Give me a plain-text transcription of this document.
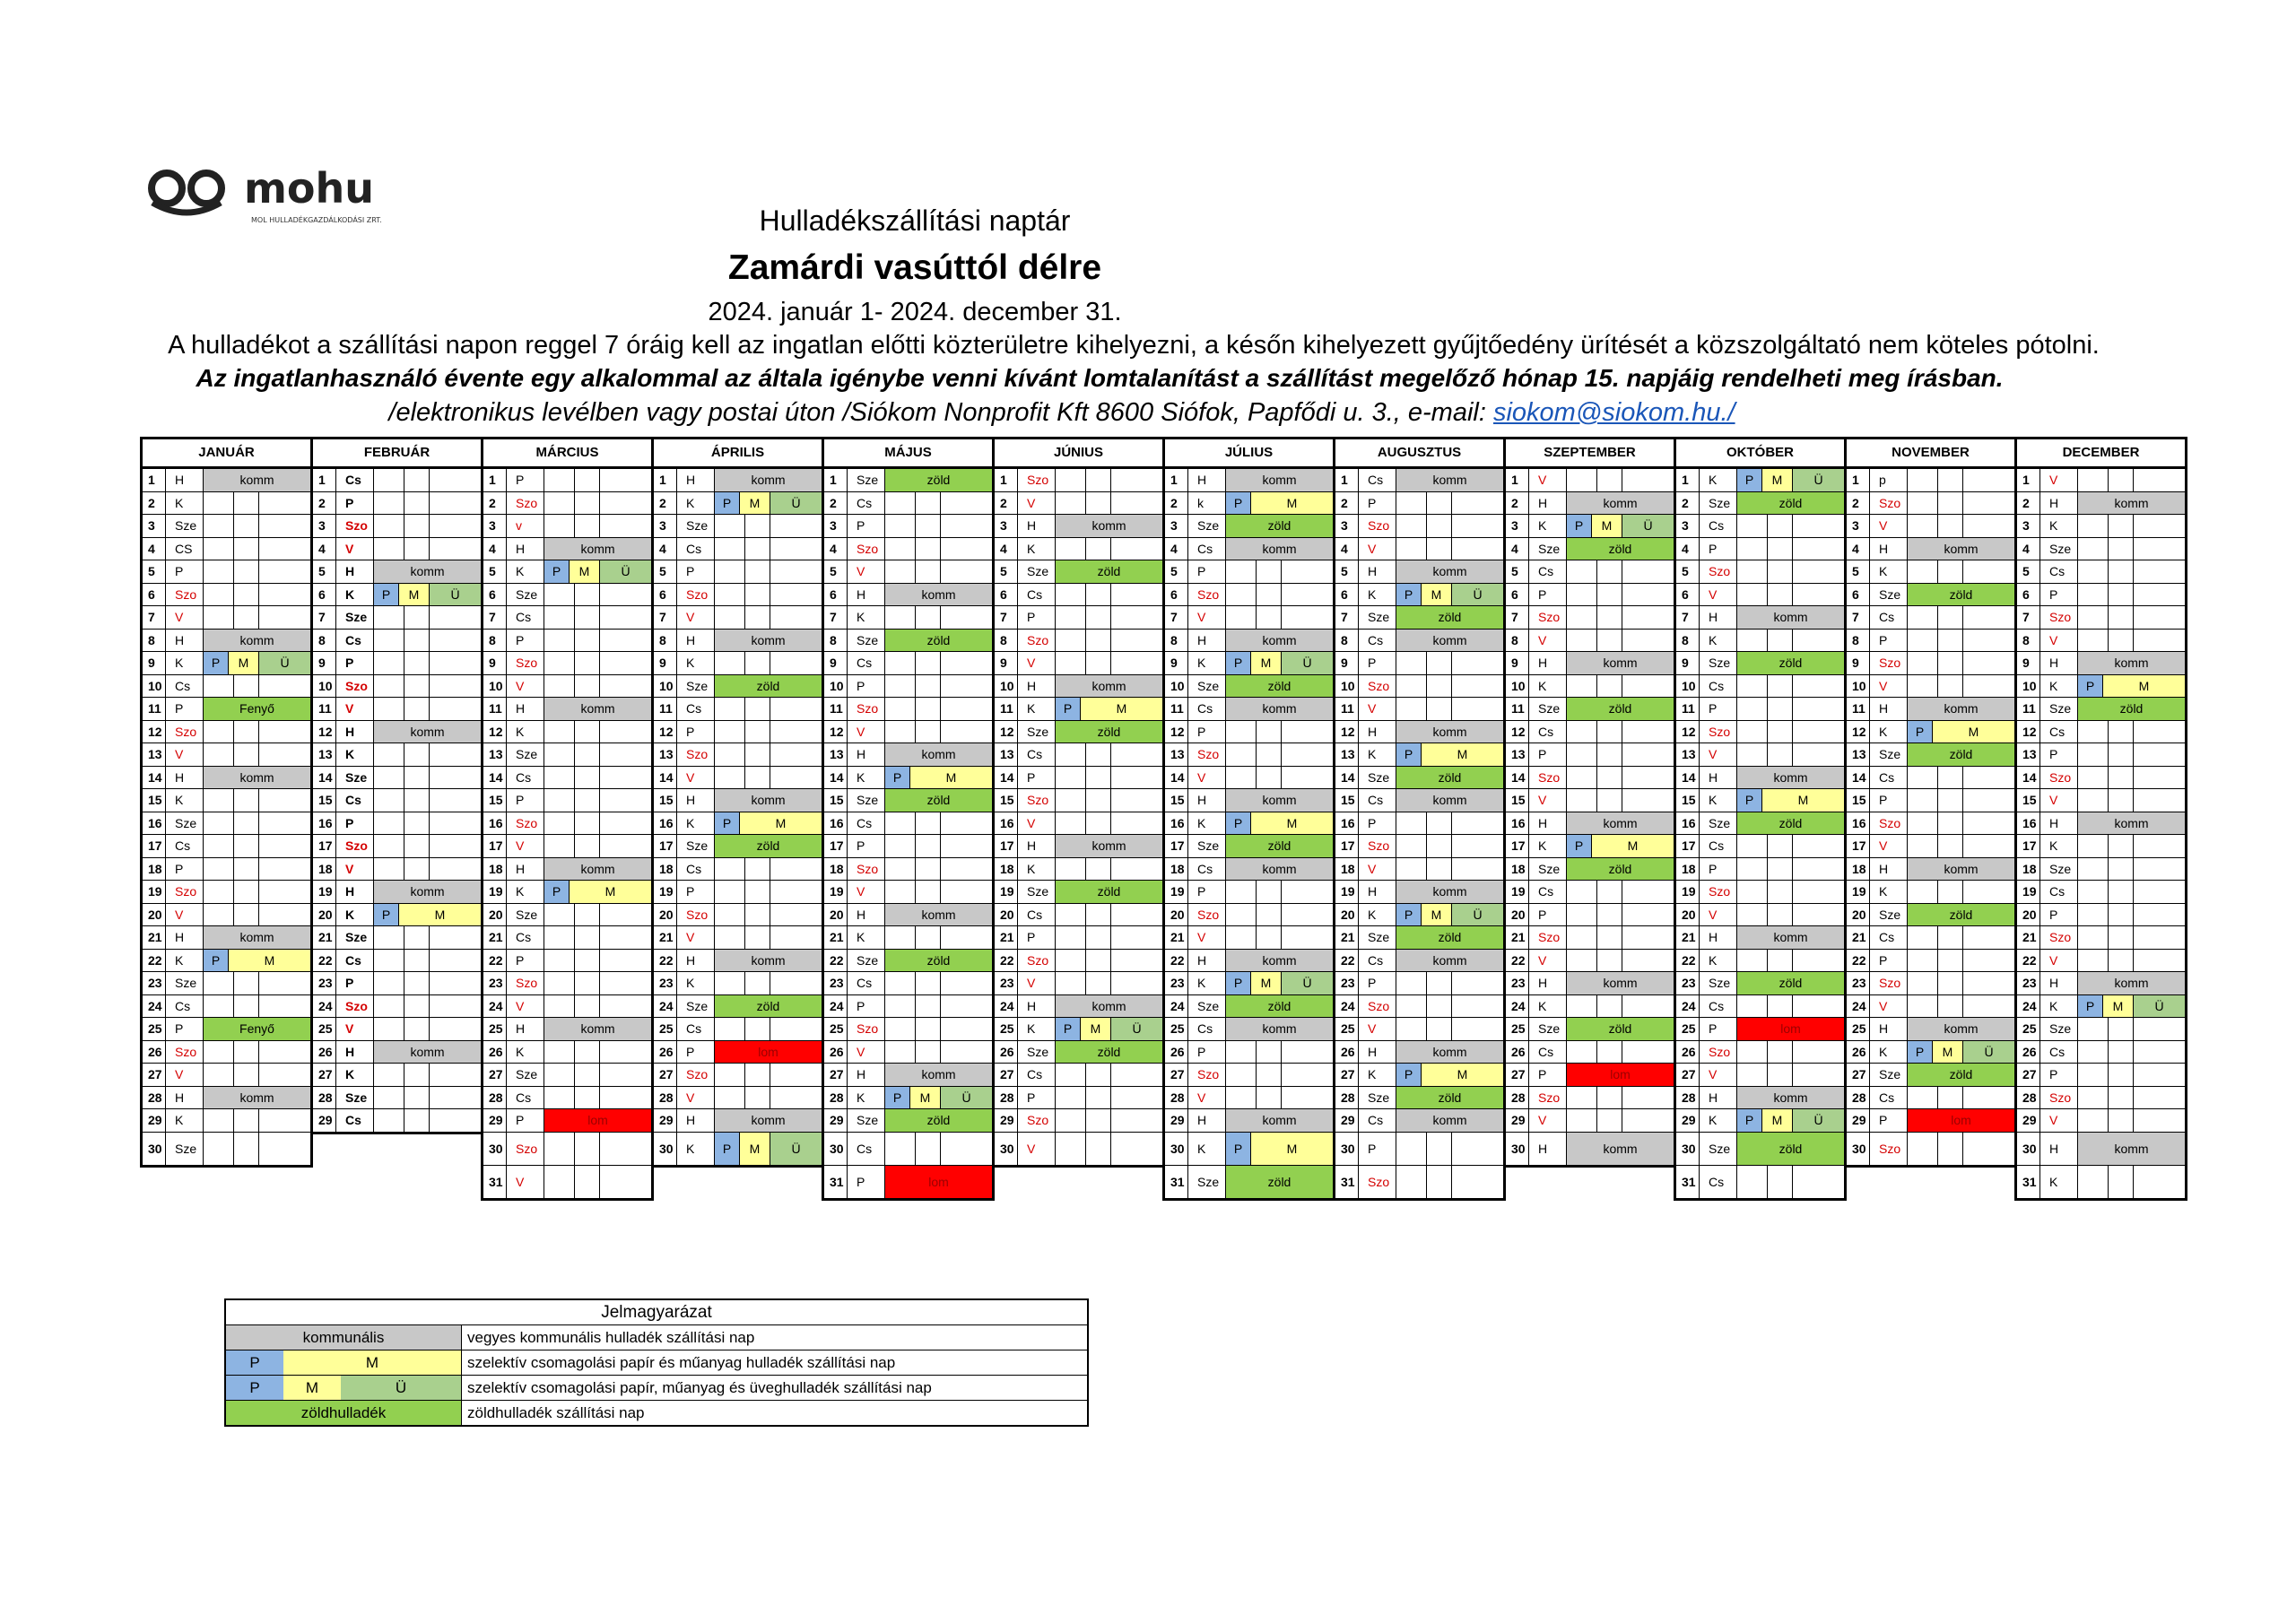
mohu
MOL HULLADÉKGAZDÁLKODÁSI ZRT.	Hulladékszállítási naptár
Zamárdi vasúttól délre
2024. január 1- 2024. december 31.
A hulladékot a szállítási napon reggel 7 óráig kell az ingatlan előtti közterületre kihelyezni, a későn kihelyezett gyűjtőedény ürítését a közszolgáltató nem köteles pótolni.
Az ingatlanhasználó évente egy alkalommal az általa igénybe venni kívánt lomtalanítást a szállítást megelőző hónap 15. napjáig rendelheti meg írásban.
/elektronikus levélben vagy postai úton /Siókom Nonprofit Kft 8600 Siófok, Papfődi u. 3., e-mail: siokom@siokom.hu./
JANUÁR
1	H	komm
2	K
3	Sze
4	CS
5	P
6	Szo
7	V
8	H	komm
9	K	P	M	Ü
10	Cs
11	P	Fenyő
12	Szo
13	V
14	H	komm
15	K
16	Sze
17	Cs
18	P
19	Szo
20	V
21	H	komm
22	K	P	M
23	Sze
24	Cs
25	P	Fenyő
26	Szo
27	V
28	H	komm
29	K
30	Sze
FEBRUÁR
1	Cs
2	P
3	Szo
4	V
5	H	komm
6	K	P	M	Ü
7	Sze
8	Cs
9	P
10	Szo
11	V
12	H	komm
13	K
14	Sze
15	Cs
16	P
17	Szo
18	V
19	H	komm
20	K	P	M
21	Sze
22	Cs
23	P
24	Szo
25	V
26	H	komm
27	K
28	Sze
29	Cs
MÁRCIUS
1	P
2	Szo
3	v
4	H	komm
5	K	P	M	Ü
6	Sze
7	Cs
8	P
9	Szo
10	V
11	H	komm
12	K
13	Sze
14	Cs
15	P
16	Szo
17	V
18	H	komm
19	K	P	M
20	Sze
21	Cs
22	P
23	Szo
24	V
25	H	komm
26	K
27	Sze
28	Cs
29	P	lom
30	Szo
31	V
ÁPRILIS
1	H	komm
2	K	P	M	Ü
3	Sze
4	Cs
5	P
6	Szo
7	V
8	H	komm
9	K
10	Sze	zöld
11	Cs
12	P
13	Szo
14	V
15	H	komm
16	K	P	M
17	Sze	zöld
18	Cs
19	P
20	Szo
21	V
22	H	komm
23	K
24	Sze	zöld
25	Cs
26	P	lom
27	Szo
28	V
29	H	komm
30	K	P	M	Ü
MÁJUS
1	Sze	zöld
2	Cs
3	P
4	Szo
5	V
6	H	komm
7	K
8	Sze	zöld
9	Cs
10	P
11	Szo
12	V
13	H	komm
14	K	P	M
15	Sze	zöld
16	Cs
17	P
18	Szo
19	V
20	H	komm
21	K
22	Sze	zöld
23	Cs
24	P
25	Szo
26	V
27	H	komm
28	K	P	M	Ü
29	Sze	zöld
30	Cs
31	P	lom
JÚNIUS
1	Szo
2	V
3	H	komm
4	K
5	Sze	zöld
6	Cs
7	P
8	Szo
9	V
10	H	komm
11	K	P	M
12	Sze	zöld
13	Cs
14	P
15	Szo
16	V
17	H	komm
18	K
19	Sze	zöld
20	Cs
21	P
22	Szo
23	V
24	H	komm
25	K	P	M	Ü
26	Sze	zöld
27	Cs
28	P
29	Szo
30	V
JÚLIUS
1	H	komm
2	k	P	M
3	Sze	zöld
4	Cs	komm
5	P
6	Szo
7	V
8	H	komm
9	K	P	M	Ü
10	Sze	zöld
11	Cs	komm
12	P
13	Szo
14	V
15	H	komm
16	K	P	M
17	Sze	zöld
18	Cs	komm
19	P
20	Szo
21	V
22	H	komm
23	K	P	M	Ü
24	Sze	zöld
25	Cs	komm
26	P
27	Szo
28	V
29	H	komm
30	K	P	M
31	Sze	zöld
AUGUSZTUS
1	Cs	komm
2	P
3	Szo
4	V
5	H	komm
6	K	P	M	Ü
7	Sze	zöld
8	Cs	komm
9	P
10	Szo
11	V
12	H	komm
13	K	P	M
14	Sze	zöld
15	Cs	komm
16	P
17	Szo
18	V
19	H	komm
20	K	P	M	Ü
21	Sze	zöld
22	Cs	komm
23	P
24	Szo
25	V
26	H	komm
27	K	P	M
28	Sze	zöld
29	Cs	komm
30	P
31	Szo
SZEPTEMBER
1	V
2	H	komm
3	K	P	M	Ü
4	Sze	zöld
5	Cs
6	P
7	Szo
8	V
9	H	komm
10	K
11	Sze	zöld
12	Cs
13	P
14	Szo
15	V
16	H	komm
17	K	P	M
18	Sze	zöld
19	Cs
20	P
21	Szo
22	V
23	H	komm
24	K
25	Sze	zöld
26	Cs
27	P	lom
28	Szo
29	V
30	H	komm
OKTÓBER
1	K	P	M	Ü
2	Sze	zöld
3	Cs
4	P
5	Szo
6	V
7	H	komm
8	K
9	Sze	zöld
10	Cs
11	P
12	Szo
13	V
14	H	komm
15	K	P	M
16	Sze	zöld
17	Cs
18	P
19	Szo
20	V
21	H	komm
22	K
23	Sze	zöld
24	Cs
25	P	lom
26	Szo
27	V
28	H	komm
29	K	P	M	Ü
30	Sze	zöld
31	Cs
NOVEMBER
1	p
2	Szo
3	V
4	H	komm
5	K
6	Sze	zöld
7	Cs
8	P
9	Szo
10	V
11	H	komm
12	K	P	M
13	Sze	zöld
14	Cs
15	P
16	Szo
17	V
18	H	komm
19	K
20	Sze	zöld
21	Cs
22	P
23	Szo
24	V
25	H	komm
26	K	P	M	Ü
27	Sze	zöld
28	Cs
29	P	lom
30	Szo
DECEMBER
1	V
2	H	komm
3	K
4	Sze
5	Cs
6	P
7	Szo
8	V
9	H	komm
10	K	P	M
11	Sze	zöld
12	Cs
13	P
14	Szo
15	V
16	H	komm
17	K
18	Sze
19	Cs
20	P
21	Szo
22	V
23	H	komm
24	K	P	M	Ü
25	Sze
26	Cs
27	P
28	Szo
29	V
30	H	komm
31	K
Jelmagyarázat
kommunális	vegyes kommunális hulladék szállítási nap
P	M	szelektív csomagolási papír és műanyag hulladék szállítási nap
P	M	Ü	szelektív csomagolási papír, műanyag és üveghulladék szállítási nap
zöldhulladék	zöldhulladék szállítási nap
